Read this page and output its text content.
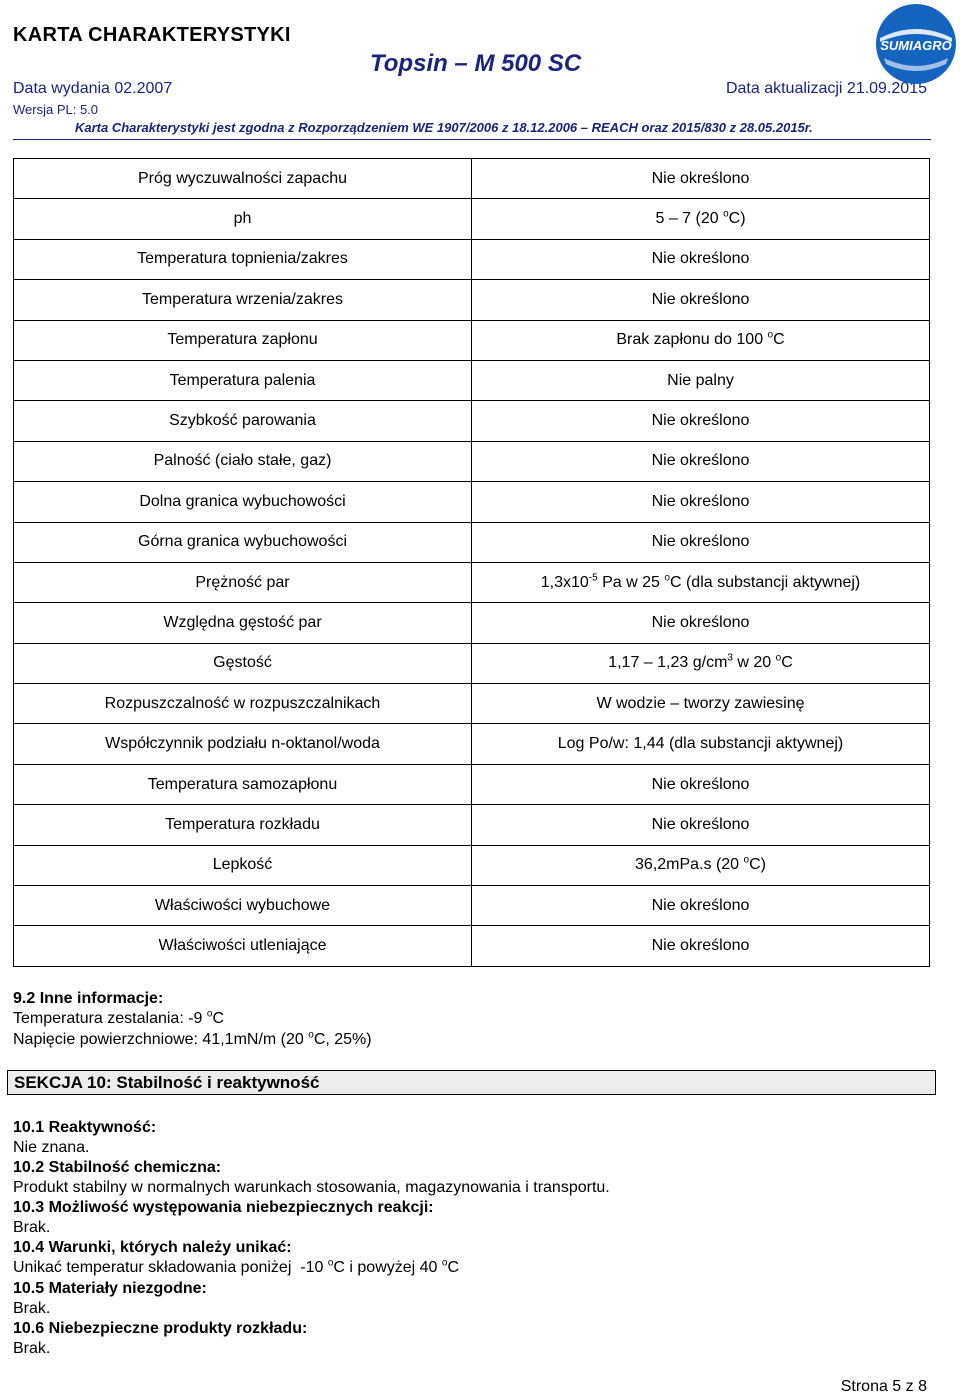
KARTA CHARAKTERYSTYKI
Topsin – M 500 SC
Data wydania 02.2007	Data aktualizacji 21.09.2015
Wersja PL: 5.0
Karta Charakterystyki jest zgodna z Rozporządzeniem WE 1907/2006 z 18.12.2006 – REACH oraz 2015/830 z 28.05.2015r.
SUMIAGRO
Próg wyczuwalności zapachu	Nie określono
ph	5 – 7 (20 $^o$C)
Temperatura topnienia/zakres	Nie określono
Temperatura wrzenia/zakres	Nie określono
Temperatura zapłonu	Brak zapłonu do 100 $^o$C
Temperatura palenia	Nie palny
Szybkość parowania	Nie określono
Palność (ciało stałe, gaz)	Nie określono
Dolna granica wybuchowości	Nie określono
Górna granica wybuchowości	Nie określono
Prężność par	$1,3x10^{-5}$ Pa w 25 $^o$C (dla substancji aktywnej)
Względna gęstość par	Nie określono
Gęstość	1,17 – 1,23 $g/cm^3$ w 20 $^o$C
Rozpuszczalność w rozpuszczalnikach	W wodzie – tworzy zawiesinę
Współczynnik podziału n-oktanol/woda	Log Po/w: 1,44 (dla substancji aktywnej)
Temperatura samozapłonu	Nie określono
Temperatura rozkładu	Nie określono
Lepkość	36,2mPa.s (20 $^o$C)
Właściwości wybuchowe	Nie określono
Właściwości utleniające	Nie określono
9.2 Inne informacje:
Temperatura zestalania: -9 $^o$C
Napięcie powierzchniowe: 41,1mN/m (20 $^o$C, 25%)
SEKCJA 10: Stabilność i reaktywność
10.1 Reaktywność:
Nie znana.
10.2 Stabilność chemiczna:
Produkt stabilny w normalnych warunkach stosowania, magazynowania i transportu.
10.3 Możliwość występowania niebezpiecznych reakcji:
Brak.
10.4 Warunki, których należy unikać:
Unikać temperatur składowania poniżej  -10 $^o$C i powyżej 40 $^o$C
10.5 Materiały niezgodne:
Brak.
10.6 Niebezpieczne produkty rozkładu:
Brak.
Strona 5 z 8
